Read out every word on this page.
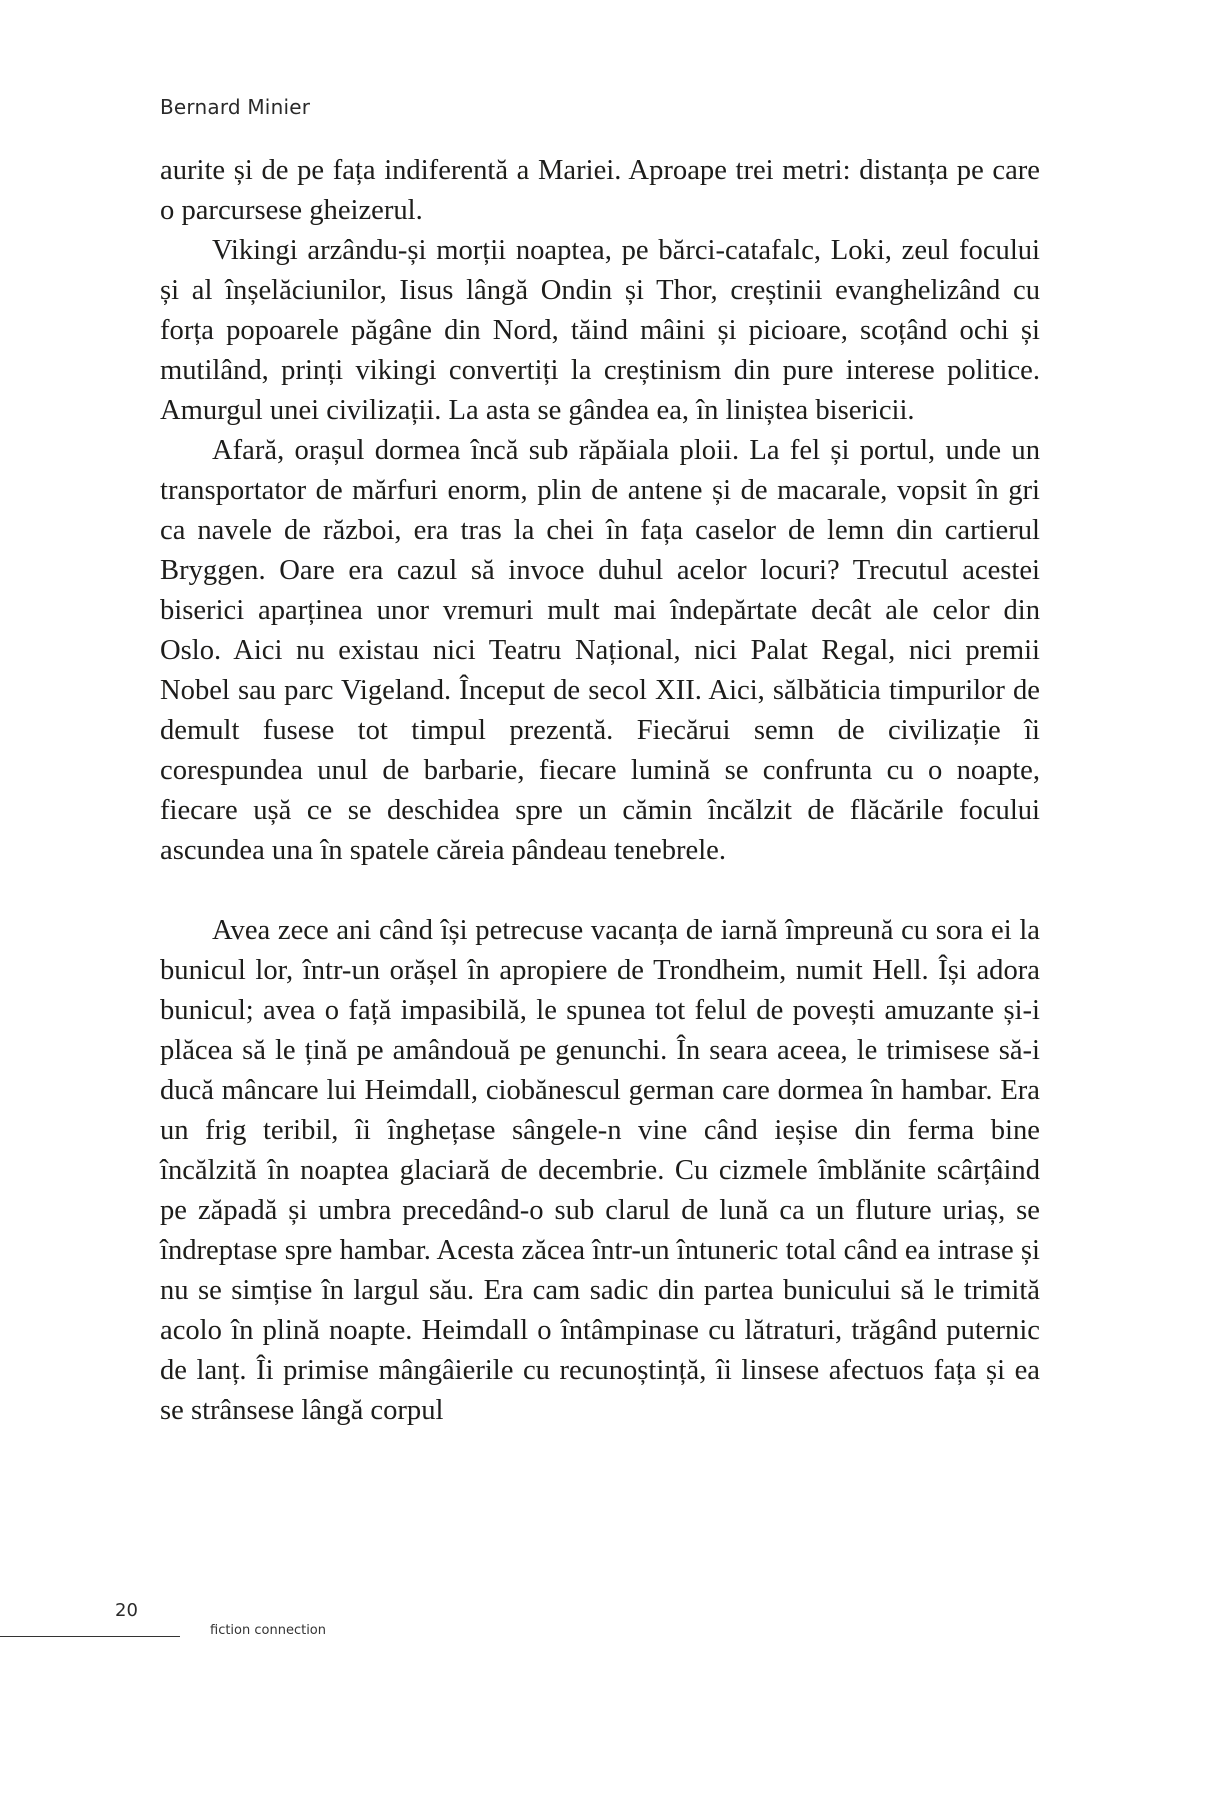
Bernard Minier

aurite și de pe fața indiferentă a Mariei. Aproape trei metri: distanța pe care o parcursese gheizerul.

Vikingi arzându-și morții noaptea, pe bărci-catafalc, Loki, zeul focului și al înșelăciunilor, Iisus lângă Ondin și Thor, creștinii evanghelizând cu forța popoarele păgâne din Nord, tăind mâini și picioare, scoțând ochi și mutilând, prinți vikingi convertiți la creștinism din pure interese politice. Amurgul unei civilizații. La asta se gândea ea, în liniștea bisericii.

Afară, orașul dormea încă sub răpăiala ploii. La fel și portul, unde un transportator de mărfuri enorm, plin de antene și de macarale, vopsit în gri ca navele de război, era tras la chei în fața caselor de lemn din cartierul Bryggen. Oare era cazul să invoce duhul acelor locuri? Trecutul acestei biserici aparținea unor vremuri mult mai îndepărtate decât ale celor din Oslo. Aici nu existau nici Teatru Național, nici Palat Regal, nici premii Nobel sau parc Vigeland. Început de secol XII. Aici, sălbăticia timpurilor de demult fusese tot timpul prezentă. Fiecărui semn de civilizație îi corespundea unul de barbarie, fiecare lumină se confrunta cu o noapte, fiecare ușă ce se deschidea spre un cămin încălzit de flăcările focului ascundea una în spatele căreia pândeau tenebrele.

Avea zece ani când își petrecuse vacanța de iarnă împreună cu sora ei la bunicul lor, într-un orășel în apropiere de Trondheim, numit Hell. Își adora bunicul; avea o față impasibilă, le spunea tot felul de povești amuzante și-i plăcea să le țină pe amândouă pe genunchi. În seara aceea, le trimisese să-i ducă mâncare lui Heimdall, ciobănescul german care dormea în hambar. Era un frig teribil, îi înghețase sângele-n vine când ieșise din ferma bine încălzită în noaptea glaciară de decembrie. Cu cizmele îmblănite scârțâind pe zăpadă și umbra precedând-o sub clarul de lună ca un fluture uriaș, se îndreptase spre hambar. Acesta zăcea într-un întuneric total când ea intrase și nu se simțise în largul său. Era cam sadic din partea bunicului să le trimită acolo în plină noapte. Heimdall o întâmpinase cu lătraturi, trăgând puternic de lanț. Îi primise mângâierile cu recunoștință, îi linsese afectuos fața și ea se strânsese lângă corpul

20
fiction connection
